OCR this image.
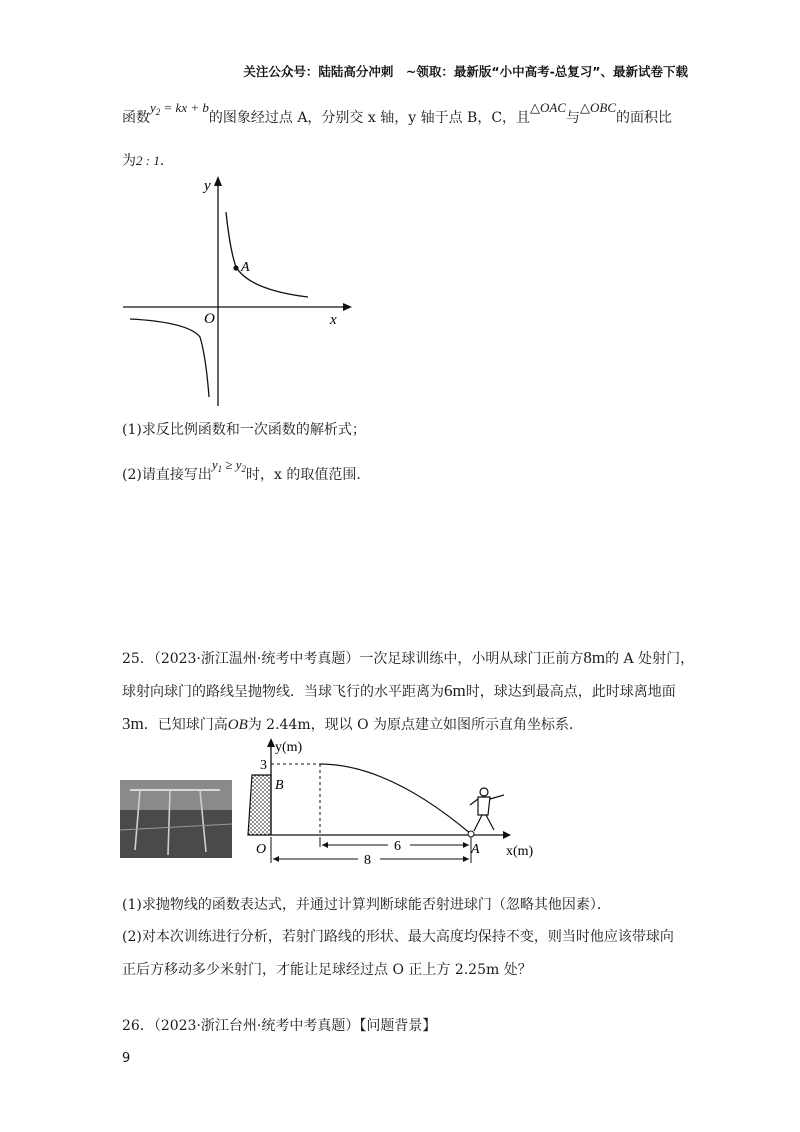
关注公众号：陆陆高分冲刺　~领取：最新版“小中高考-总复习”、最新试卷下载
函数$y_2$ = kx + b的图象经过点 A，分别交 x 轴，y 轴于点 B，C，且△OAC与△OBC的面积比
为2 : 1.
A
y
x
O
(1)求反比例函数和一次函数的解析式；
(2)请直接写出$y_1 \ge y_2$时，x 的取值范围.
25．（2023·浙江温州·统考中考真题）一次足球训练中，小明从球门正前方8m的 A 处射门，
球射向球门的路线呈抛物线．当球飞行的水平距离为6m时，球达到最高点，此时球离地面
3m．已知球门高OB为 2.44m，现以 O 为原点建立如图所示直角坐标系．
y(m)
3
B
O	A x(m)
6
8
(1)求抛物线的函数表达式，并通过计算判断球能否射进球门（忽略其他因素）．
(2)对本次训练进行分析，若射门路线的形状、最大高度均保持不变，则当时他应该带球向
正后方移动多少米射门，才能让足球经过点 O 正上方 2.25m 处？
26．（2023·浙江台州·统考中考真题）【问题背景】
9
